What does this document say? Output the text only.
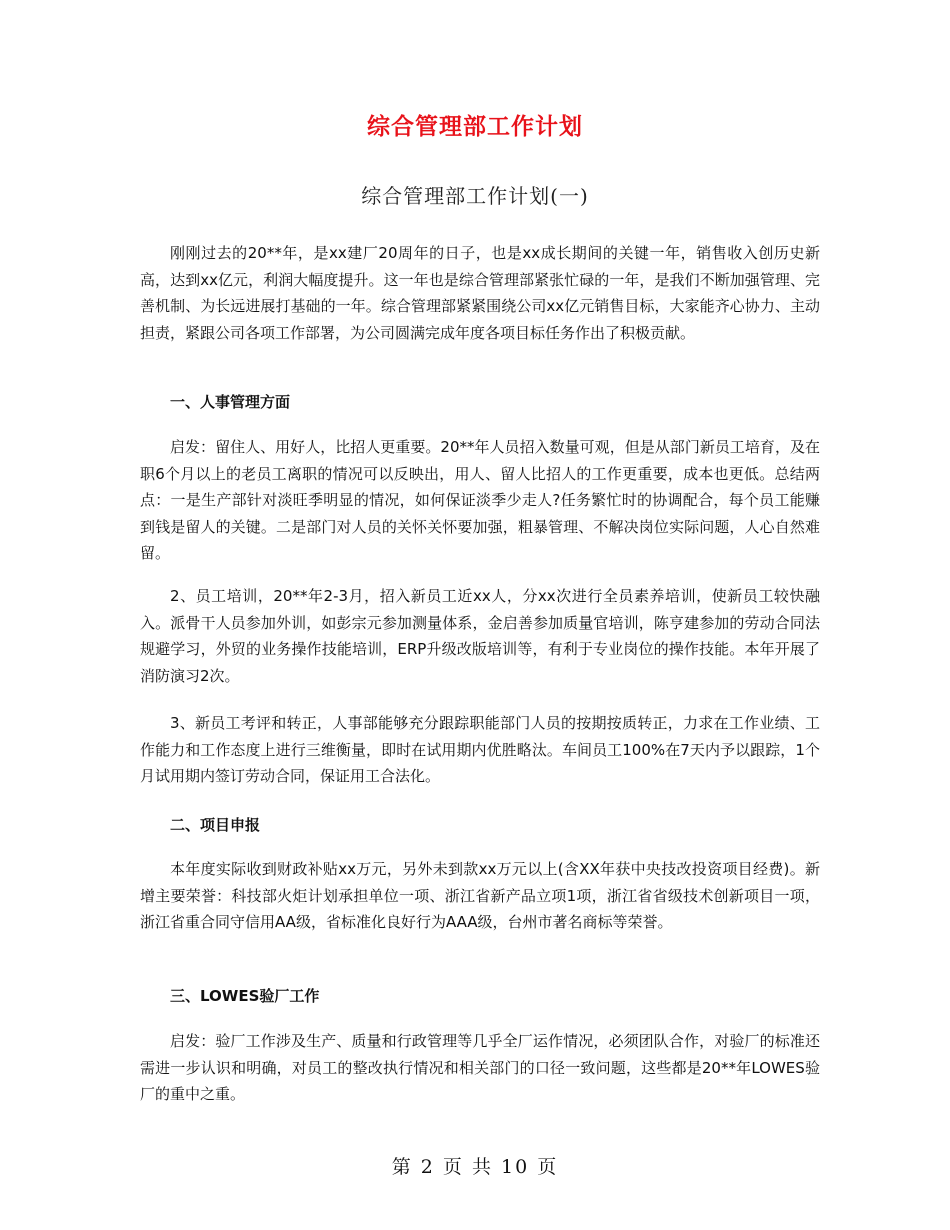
综合管理部工作计划
综合管理部工作计划(一)

刚刚过去的20**年，是xx建厂20周年的日子，也是xx成长期间的关键一年，销售收入创历史新高，达到xx亿元，利润大幅度提升。这一年也是综合管理部紧张忙碌的一年，是我们不断加强管理、完善机制、为长远进展打基础的一年。综合管理部紧紧围绕公司xx亿元销售目标，大家能齐心协力、主动担责，紧跟公司各项工作部署，为公司圆满完成年度各项目标任务作出了积极贡献。

一、人事管理方面

启发：留住人、用好人，比招人更重要。20**年人员招入数量可观，但是从部门新员工培育，及在职6个月以上的老员工离职的情况可以反映出，用人、留人比招人的工作更重要，成本也更低。总结两点：一是生产部针对淡旺季明显的情况，如何保证淡季少走人?任务繁忙时的协调配合，每个员工能赚到钱是留人的关键。二是部门对人员的关怀关怀要加强，粗暴管理、不解决岗位实际问题，人心自然难留。

2、员工培训，20**年2-3月，招入新员工近xx人，分xx次进行全员素养培训，使新员工较快融入。派骨干人员参加外训，如彭宗元参加测量体系，金启善参加质量官培训，陈亨建参加的劳动合同法规避学习，外贸的业务操作技能培训，ERP升级改版培训等，有利于专业岗位的操作技能。本年开展了消防演习2次。

3、新员工考评和转正，人事部能够充分跟踪职能部门人员的按期按质转正，力求在工作业绩、工作能力和工作态度上进行三维衡量，即时在试用期内优胜略汰。车间员工100%在7天内予以跟踪，1个月试用期内签订劳动合同，保证用工合法化。

二、项目申报

本年度实际收到财政补贴xx万元，另外未到款xx万元以上(含XX年获中央技改投资项目经费)。新增主要荣誉：科技部火炬计划承担单位一项、浙江省新产品立项1项，浙江省省级技术创新项目一项，浙江省重合同守信用AA级，省标准化良好行为AAA级，台州市著名商标等荣誉。

三、LOWES验厂工作

启发：验厂工作涉及生产、质量和行政管理等几乎全厂运作情况，必须团队合作，对验厂的标准还需进一步认识和明确，对员工的整改执行情况和相关部门的口径一致问题，这些都是20**年LOWES验厂的重中之重。

第 2 页 共 10 页
